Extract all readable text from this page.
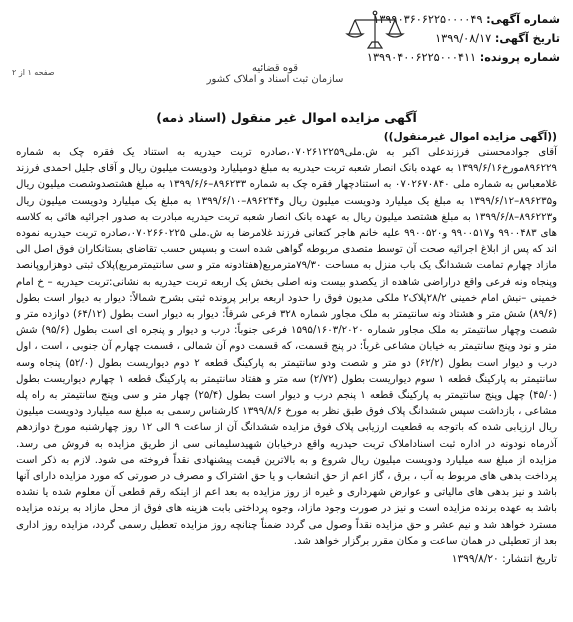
شماره آگهی: ۱۳۹۹۰۳۶۰۶۲۲۵۰۰۰۰۴۹
تاریخ آگهی: ۱۳۹۹/۰۸/۱۷
شماره پرونده: ۱۳۹۹۰۴۰۰۶۲۲۵۰۰۰۴۱۱
قوه قضائیه
سازمان ثبت اسناد و املاک کشور
صفحه ۱ از ۲
آگهی مزایده اموال غیر منقول (اسناد ذمه)
((آگهی مزایده اموال غیرمنقول))

آقای جوادمحسنی فرزندعلی اکبر به ش.ملی۰۷۰۲۶۱۲۲۵۹،صادره تربت حیدریه به استناد یک فقره چک به شماره ۸۹۶۲۲۹مورخ۱۳۹۹/۶/۱۶ به عهده بانک انصار شعبه تربت حیدریه به مبلغ دومیلیارد ودویست میلیون ریال و آقای جلیل احمدی فرزند غلامعباس به شماره ملی ۰۷۰۲۶۷۰۸۴۰ به استنادچهار فقره چک به شماره ۸۹۶۲۳۳–۱۳۹۹/۶/۶ به مبلغ هشتصدوشصت میلیون ریال و۸۹۶۲۳۵–۱۳۹۹/۶/۱۲ به مبلغ یک میلیارد ودویست میلیون ریال و۸۹۶۲۴۴–۱۳۹۹/۶/۱۰ به مبلغ یک میلیارد ودویست میلیون ریال و۸۹۶۲۲۳–۱۳۹۹/۶/۸ به مبلغ هشتصد میلیون ریال به عهده بانک انصار شعبه تربت حیدریه مبادرت به صدور اجرائیه هائی به کلاسه های ۹۹۰۰۴۸۳ و۹۹۰۰۵۱۷ و۹۹۰۰۵۲۰ علیه خانم هاجر کتعانی فرزند غلامرضا به ش.ملی ۰۷۰۲۶۶۰۲۲۵،صادره تربت حیدریه نموده اند که پس از ابلاغ اجرائیه صحت آن توسط متصدی مربوطه گواهی شده است و بسپس حسب تقاضای بستانکاران فوق اصل الی مازاد چهارم تمامت ششدانگ یک باب منزل به مساحت ۷۹/۳۰مترمربع(هفتادونه متر و سی سانتیمترمربع)پلاک ثبتی دوهزاروپانصد وپنجاه ونه فرعی واقع دراراضی شاهده از یکصدو بیست ونه اصلی بخش یک اربعه تربت حیدریه به نشانی:تربت حیدریه – خ امام خمینی –نبش امام خمینی ۲۸/۲پلاک۲ ملکی مدیون فوق را حدود اربعه برابر پرونده ثبتی بشرح شمالاً: دیوار به دیوار است بطول (۸۹/۶) شش متر و هشتاد ونه سانتیمتر به ملک مجاور شماره ۳۲۸ فرعی شرقاً: دیوار به دیوار است بطول (۶۴/۱۲) دوازده متر و شصت وچهار سانتیمتر به ملک مجاور شماره ۱۵۹۵/۱۶۰۳/۲۰۲۰ فرعی جنوباً: درب و دیوار و پنجره ای است بطول (۹۵/۶) شش متر و نود وپنج سانتیمتر به خیابان مشاعی غرباً: در پنج قسمت، که قسمت دوم آن شمالی ، قسمت چهارم آن جنوبی ، است ، اول درب و دیوار است بطول (۶۲/۲) دو متر و شصت ودو سانتیمتر به پارکینگ قطعه ۲ دوم دیواریست بطول (۵۲/۰) پنجاه وسه سانتیمتر به پارکینگ قطعه ۱ سوم دیواریست بطول (۲/۷۲) سه متر و هفتاد سانتیمتر به پارکینگ قطعه ۱ چهارم دیواریست بطول (۴۵/۰) چهل وپنج سانتیمتر به پارکینگ قطعه ۱ پنجم درب و دیوار است بطول (۲۵/۴) چهار متر و سی وپنج سانتیمتر به راه پله مشاعی ، بازداشت سپس ششدانگ پلاک فوق طبق نظر به مورخ ۱۳۹۹/۸/۶ کارشناس رسمی به مبلغ سه میلیارد ودویست میلیون ریال ارزیابی شده که باتوجه به قطعیت ارزیابی پلاک فوق مزایده ششدانگ آن از ساعت ۹ الی ۱۲ روز چهارشنبه مورخ دوازدهم آذرماه نودونه در اداره ثبت اسناداملاک تربت حیدریه واقع درخیابان شهیدسلیمانی سی از طریق مزایده به فروش می رسد. مزایده از مبلغ سه میلیارد ودویست میلیون ریال شروع و به بالاترین قیمت پیشنهادی نقداً فروخته می شود. لازم به ذکر است پرداخت بدهی های مربوط به آب ، برق ، گاز اعم از حق انشعاب و یا حق اشتراک و مصرف در صورتی که مورد مزایده دارای آنها باشد و نیز بدهی های مالیاتی و عوارض شهرداری و غیره از روز مزایده به بعد اعم از اینکه رقم قطعی آن معلوم شده یا نشده باشد به عهده برنده مزایده است و نیز در صورت وجود مازاد، وجوه پرداختی بابت هزینه های فوق از محل مازاد به برنده مزایده مسترد خواهد شد و نیم عشر و حق مزایده نقداً وصول می گردد ضمناً چنانچه روز مزایده تعطیل رسمی گردد، مزایده روز اداری بعد از تعطیلی در همان ساعت و مکان مقرر برگزار خواهد شد.

تاریخ انتشار: ۱۳۹۹/۸/۲۰
